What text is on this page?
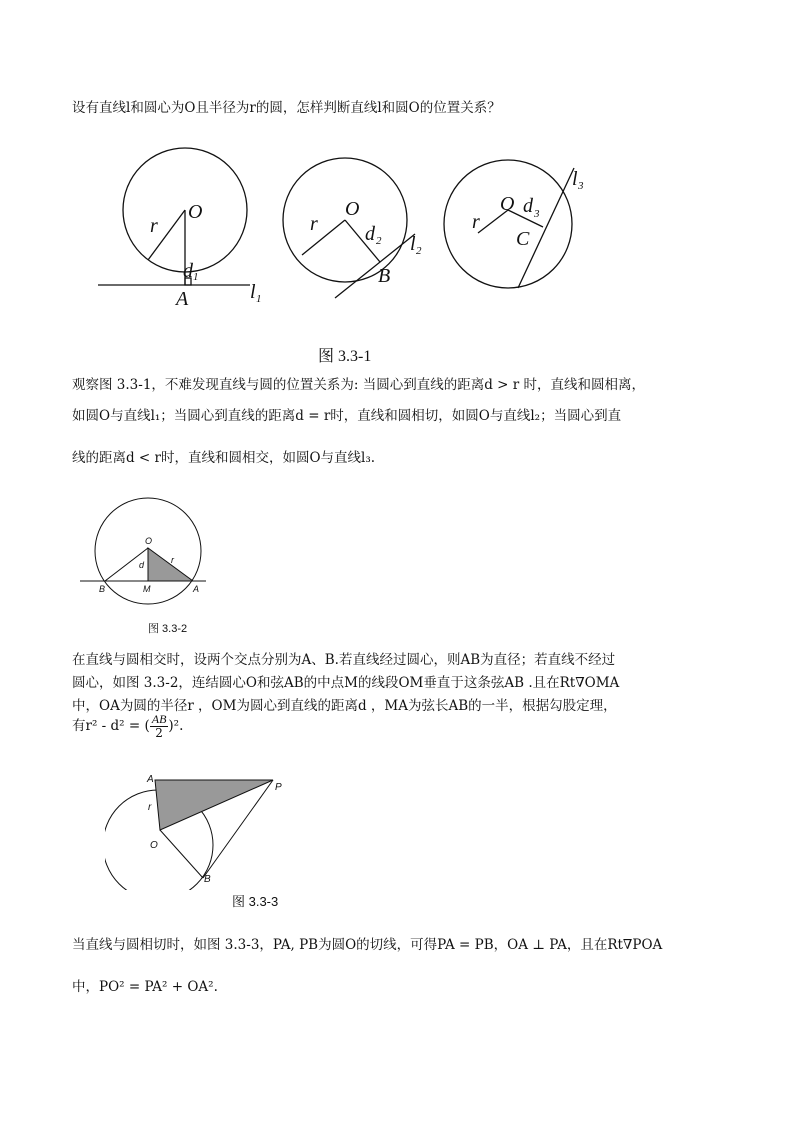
设有直线l和圆心为O且半径为r的圆，怎样判断直线l和圆O的位置关系？
O
r
d 1
A	l 1
O
r d 2
B
l 2
O
r
d 3
C
l 3
图 3.3-1
观察图 3.3-1，不难发现直线与圆的位置关系为: 当圆心到直线的距离d > r 时，直线和圆相离，
如圆O与直线l₁；当圆心到直线的距离d = r时，直线和圆相切，如圆O与直线l₂；当圆心到直
线的距离d < r时，直线和圆相交，如圆O与直线l₃.
O
d	r
B	M	A
图 3.3-2
在直线与圆相交时，设两个交点分别为A、B.若直线经过圆心，则AB为直径；若直线不经过
圆心，如图 3.3-2，连结圆心O和弦AB的中点M的线段OM垂直于这条弦AB .且在Rt∇OMA
中，OA为圆的半径r ，OM为圆心到直线的距离d ，MA为弦长AB的一半，根据勾股定理，
有r² - d² = ( $\frac{AB}{2} )^2$.
A
P
r
O
B
图 3.3-3
当直线与圆相切时，如图 3.3-3，PA, PB为圆O的切线，可得PA = PB，OA ⊥ PA，且在Rt∇POA
中，PO² = PA² + OA².
